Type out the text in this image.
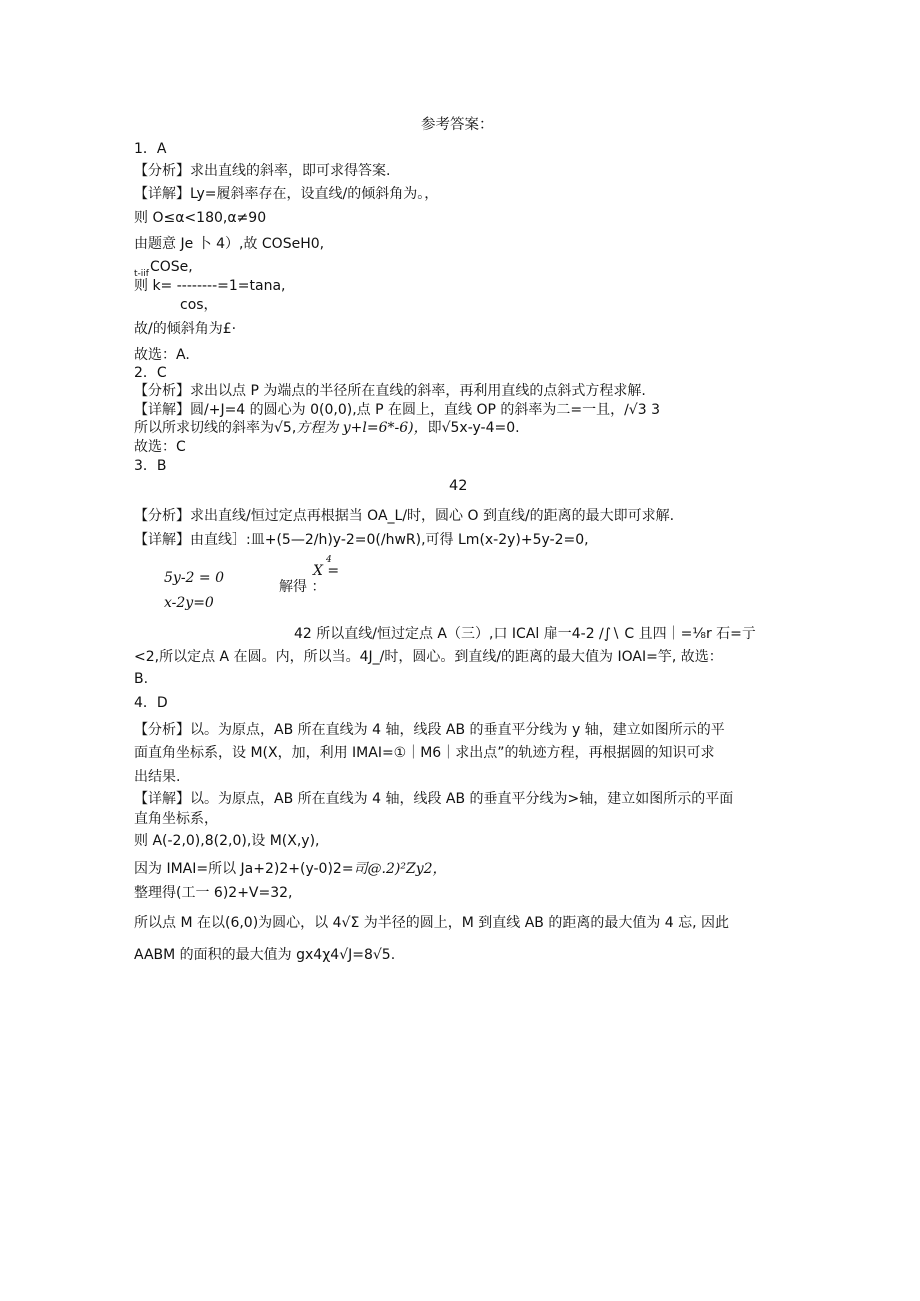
参考答案：
1．A
【分析】求出直线的斜率，即可求得答案.
【详解】Ly=履斜率存在，设直线/的倾斜角为。，
则 O≤α<180,α≠90
由题意 Je 卜 4）,故 COSeH0,
t-iif COSe,
则 k= --------=1=tana,
cos，
故/的倾斜角为£·
故选：A.
2．C
【分析】求出以点 P 为端点的半径所在直线的斜率，再利用直线的点斜式方程求解.
【详解】圆/+J=4 的圆心为 0(0,0),点 P 在圆上，直线 OP 的斜率为二=一且，∕√3 3
所以所求切线的斜率为√5,方程为 y+l=6*-6)，即√5x-y-4=0.
故选：C
3．B
42
【分析】求出直线/恒过定点再根据当 OA_L/时，圆心 O 到直线/的距离的最大即可求解.
【详解】由直线］:皿+(5—2∕h)y-2=0(∕hwR),可得 Lm(x-2y)+5y-2=0,
5y-2 = 0
x-2y=0
4
X =
解得 ：
42 所以直线/恒过定点 A（三）,口 ICAl 扉一4-2 ∕∫∖ C 且四｜=⅛r 石=亍
<2,所以定点 A 在圆。内，所以当。4J_/时，圆心。到直线/的距离的最大值为 IOAI=竽, 故选：
B.
4．D
【分析】以。为原点，AB 所在直线为 4 轴，线段 AB 的垂直平分线为 y 轴，建立如图所示的平
面直角坐标系，设 M(X，加，利用 IMAI=①｜M6｜求出点”的轨迹方程，再根据圆的知识可求
出结果.
【详解】以。为原点，AB 所在直线为 4 轴，线段 AB 的垂直平分线为>轴，建立如图所示的平面
直角坐标系，
则 A(-2,0),8(2,0),设 M(X,y),
因为 IMAI=所以 Ja+2)2+(y-0)2=司@.2)²Zy2，
整理得(工一 6)2+V=32,
所以点 M 在以(6,0)为圆心，以 4√Σ 为半径的圆上，M 到直线 AB 的距离的最大值为 4 忘, 因此
AABM 的面积的最大值为 gx4χ4√J=8√5.
